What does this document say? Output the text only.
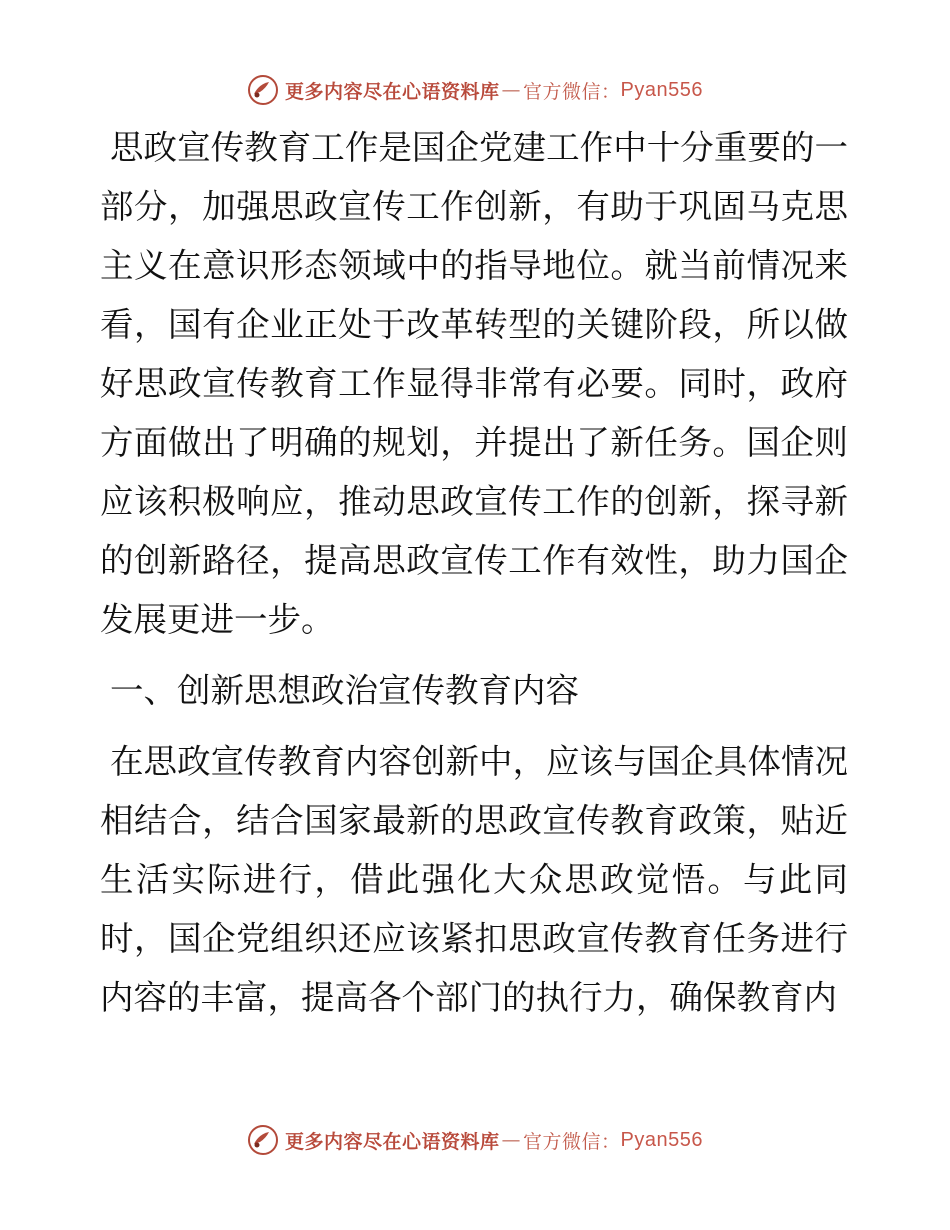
更多内容尽在心语资料库 — 官方微信： Pyan556

思政宣传教育工作是国企党建工作中十分重要的一部分，加强思政宣传工作创新，有助于巩固马克思主义在意识形态领域中的指导地位。就当前情况来看，国有企业正处于改革转型的关键阶段，所以做好思政宣传教育工作显得非常有必要。同时，政府方面做出了明确的规划，并提出了新任务。国企则应该积极响应，推动思政宣传工作的创新，探寻新的创新路径，提高思政宣传工作有效性，助力国企发展更进一步。

一、创新思想政治宣传教育内容

在思政宣传教育内容创新中，应该与国企具体情况相结合，结合国家最新的思政宣传教育政策，贴近生活实际进行，借此强化大众思政觉悟。与此同时，国企党组织还应该紧扣思政宣传教育任务进行内容的丰富，提高各个部门的执行力，确保教育内

更多内容尽在心语资料库 — 官方微信： Pyan556
